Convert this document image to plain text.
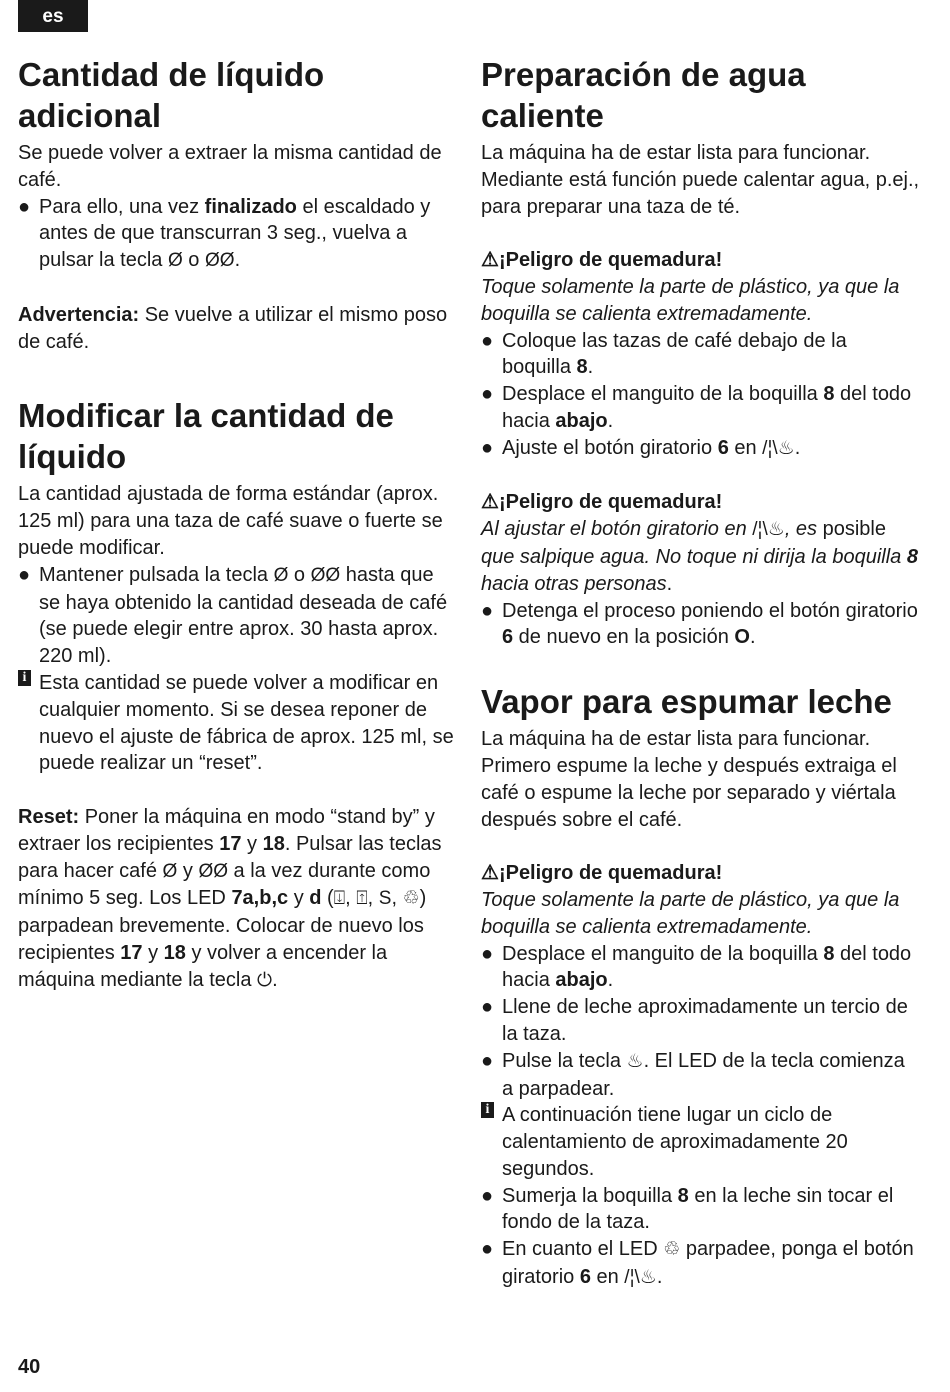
es
Cantidad de líquido adicional

Se puede volver a extraer la misma cantidad de café.

● Para ello, una vez finalizado el escaldado y antes de que transcurran 3 seg., vuelva a pulsar la tecla Ø o ØØ.

Advertencia: Se vuelve a utilizar el mismo poso de café.

Modificar la cantidad de líquido

La cantidad ajustada de forma estándar (aprox. 125 ml) para una taza de café suave o fuerte se puede modificar.

● Mantener pulsada la tecla Ø o ØØ hasta que se haya obtenido la cantidad deseada de café (se puede elegir entre aprox. 30 hasta aprox. 220 ml).
i Esta cantidad se puede volver a modificar en cualquier momento. Si se desea reponer de nuevo el ajuste de fábrica de aprox. 125 ml, se puede realizar un “reset”.

Reset: Poner la máquina en modo “stand by” y extraer los recipientes 17 y 18. Pulsar las teclas para hacer café Ø y ØØ a la vez durante como mínimo 5 seg. Los LED 7a,b,c y d (⍗, ⍐, S, ♲) parpadean brevemente. Colocar de nuevo los recipientes 17 y 18 y volver a encender la máquina mediante la tecla ⏻.

Preparación de agua caliente

La máquina ha de estar lista para funcionar. Mediante está función puede calentar agua, p.ej., para preparar una taza de té.

⚠¡Peligro de quemadura!

Toque solamente la parte de plástico, ya que la boquilla se calienta extremadamente.

● Coloque las tazas de café debajo de la boquilla 8.
● Desplace el manguito de la boquilla 8 del todo hacia abajo.
● Ajuste el botón giratorio 6 en /¦\♨.
⚠¡Peligro de quemadura!

Al ajustar el botón giratorio en /¦\♨, es posible que salpique agua. No toque ni dirija la boquilla 8 hacia otras personas.

● Detenga el proceso poniendo el botón giratorio 6 de nuevo en la posición O.
Vapor para espumar leche

La máquina ha de estar lista para funcionar. Primero espume la leche y después extraiga el café o espume la leche por separado y viértala después sobre el café.

⚠¡Peligro de quemadura!

Toque solamente la parte de plástico, ya que la boquilla se calienta extremadamente.

● Desplace el manguito de la boquilla 8 del todo hacia abajo.
● Llene de leche aproximadamente un tercio de la taza.
● Pulse la tecla ♨. El LED de la tecla comienza a parpadear.
i A continuación tiene lugar un ciclo de calentamiento de aproximadamente 20 segundos.
● Sumerja la boquilla 8 en la leche sin tocar el fondo de la taza.
● En cuanto el LED ♲ parpadee, ponga el botón giratorio 6 en /¦\♨.
40
